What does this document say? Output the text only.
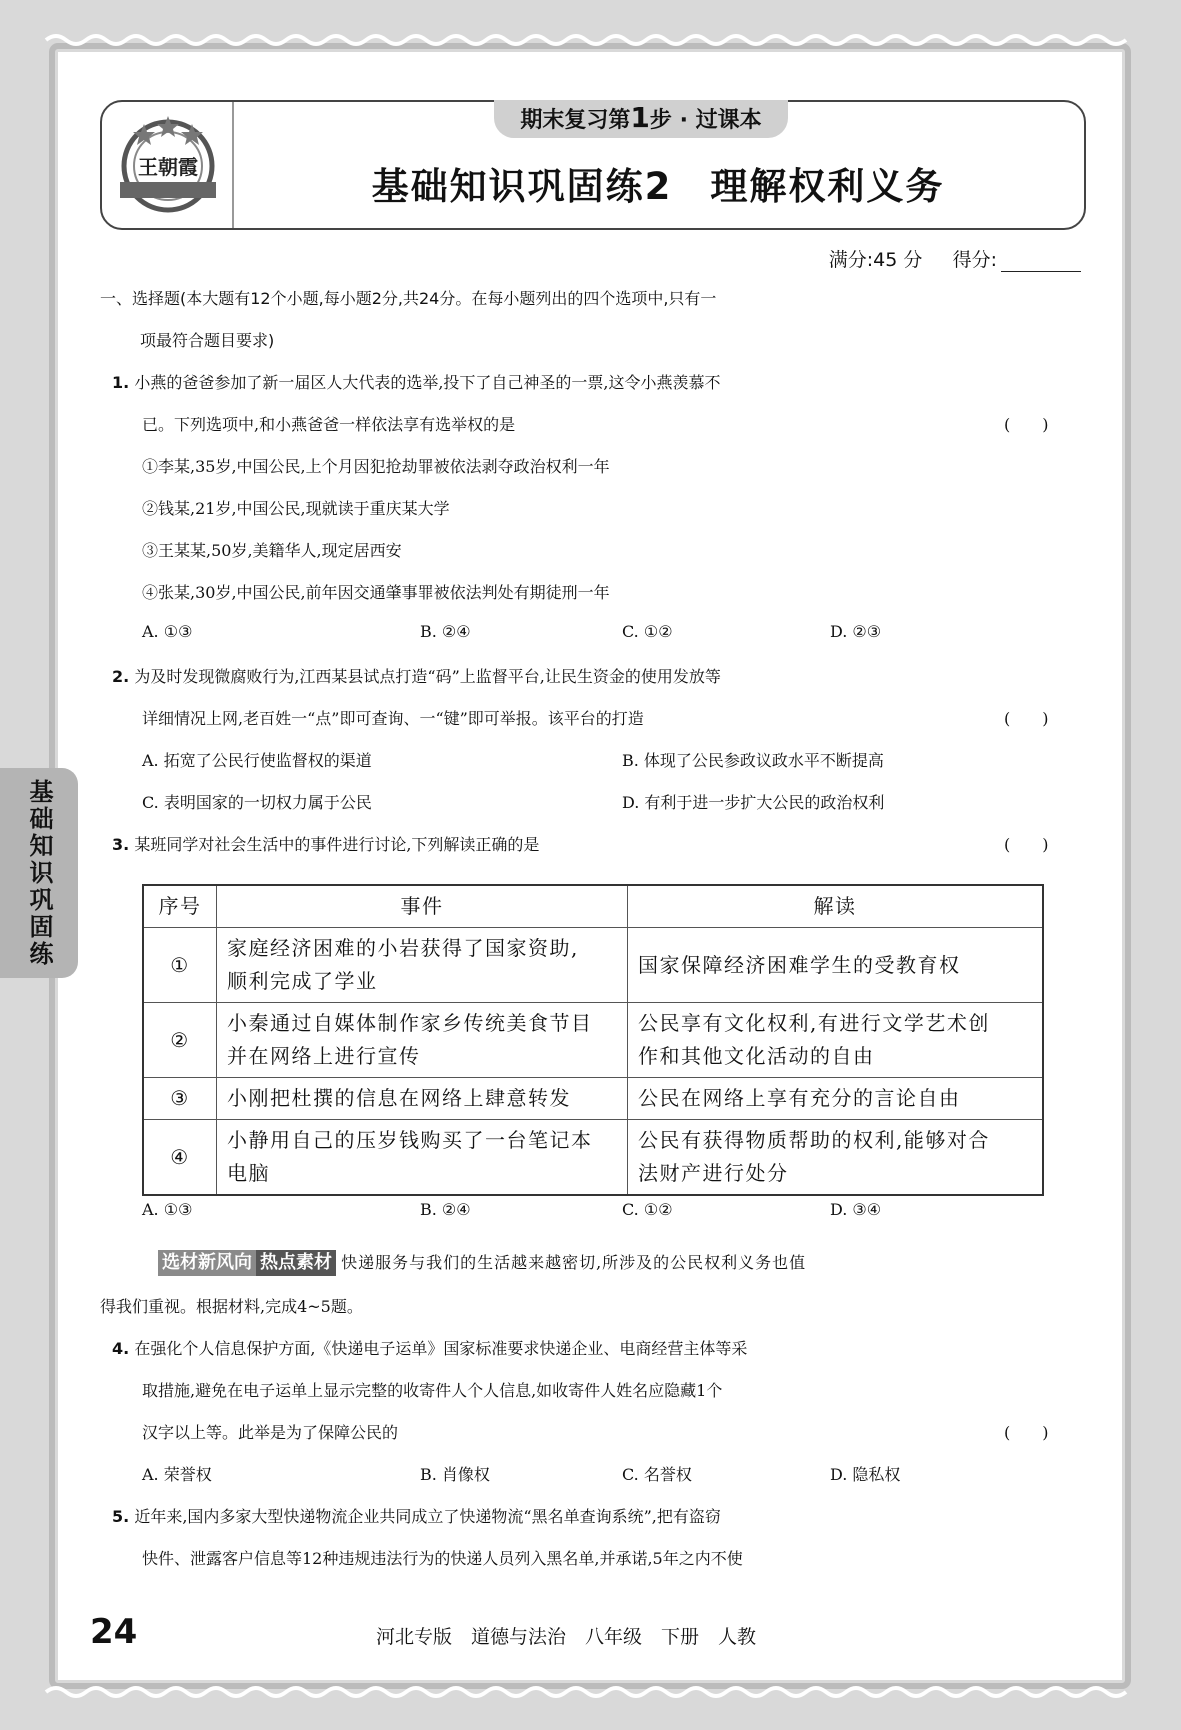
王朝霞
期末复习第1步 · 过课本
基础知识巩固练2 理解权利义务
满分:45 分 得分:
基础知识巩固练
一、选择题(本大题有12个小题,每小题2分,共24分。在每小题列出的四个选项中,只有一
项最符合题目要求)
1. 小燕的爸爸参加了新一届区人大代表的选举,投下了自己神圣的一票,这令小燕羡慕不
已。下列选项中,和小燕爸爸一样依法享有选举权的是	(　　)
①李某,35岁,中国公民,上个月因犯抢劫罪被依法剥夺政治权利一年
②钱某,21岁,中国公民,现就读于重庆某大学
③王某某,50岁,美籍华人,现定居西安
④张某,30岁,中国公民,前年因交通肇事罪被依法判处有期徒刑一年
A. ①③	B. ②④	C. ①②	D. ②③
2. 为及时发现微腐败行为,江西某县试点打造“码”上监督平台,让民生资金的使用发放等
详细情况上网,老百姓一“点”即可查询、一“键”即可举报。该平台的打造	(　　)
A. 拓宽了公民行使监督权的渠道	B. 体现了公民参政议政水平不断提高
C. 表明国家的一切权力属于公民	D. 有利于进一步扩大公民的政治权利
3. 某班同学对社会生活中的事件进行讨论,下列解读正确的是	(　　)
序号	事件	解读
①	家庭经济困难的小岩获得了国家资助,
顺利完成了学业	国家保障经济困难学生的受教育权
②	小秦通过自媒体制作家乡传统美食节目
并在网络上进行宣传	公民享有文化权利,有进行文学艺术创
作和其他文化活动的自由
③	小刚把杜撰的信息在网络上肆意转发	公民在网络上享有充分的言论自由
④	小静用自己的压岁钱购买了一台笔记本
电脑	公民有获得物质帮助的权利,能够对合
法财产进行处分
A. ①③	B. ②④	C. ①②	D. ③④
选材新风向 热点素材 快递服务与我们的生活越来越密切,所涉及的公民权利义务也值
得我们重视。根据材料,完成4~5题。
4. 在强化个人信息保护方面,《快递电子运单》国家标准要求快递企业、电商经营主体等采
取措施,避免在电子运单上显示完整的收寄件人个人信息,如收寄件人姓名应隐藏1个
汉字以上等。此举是为了保障公民的	(　　)
A. 荣誉权	B. 肖像权	C. 名誉权	D. 隐私权
5. 近年来,国内多家大型快递物流企业共同成立了快递物流“黑名单查询系统”,把有盗窃
快件、泄露客户信息等12种违规违法行为的快递人员列入黑名单,并承诺,5年之内不使
24	河北专版　道德与法治　八年级　下册　人教
